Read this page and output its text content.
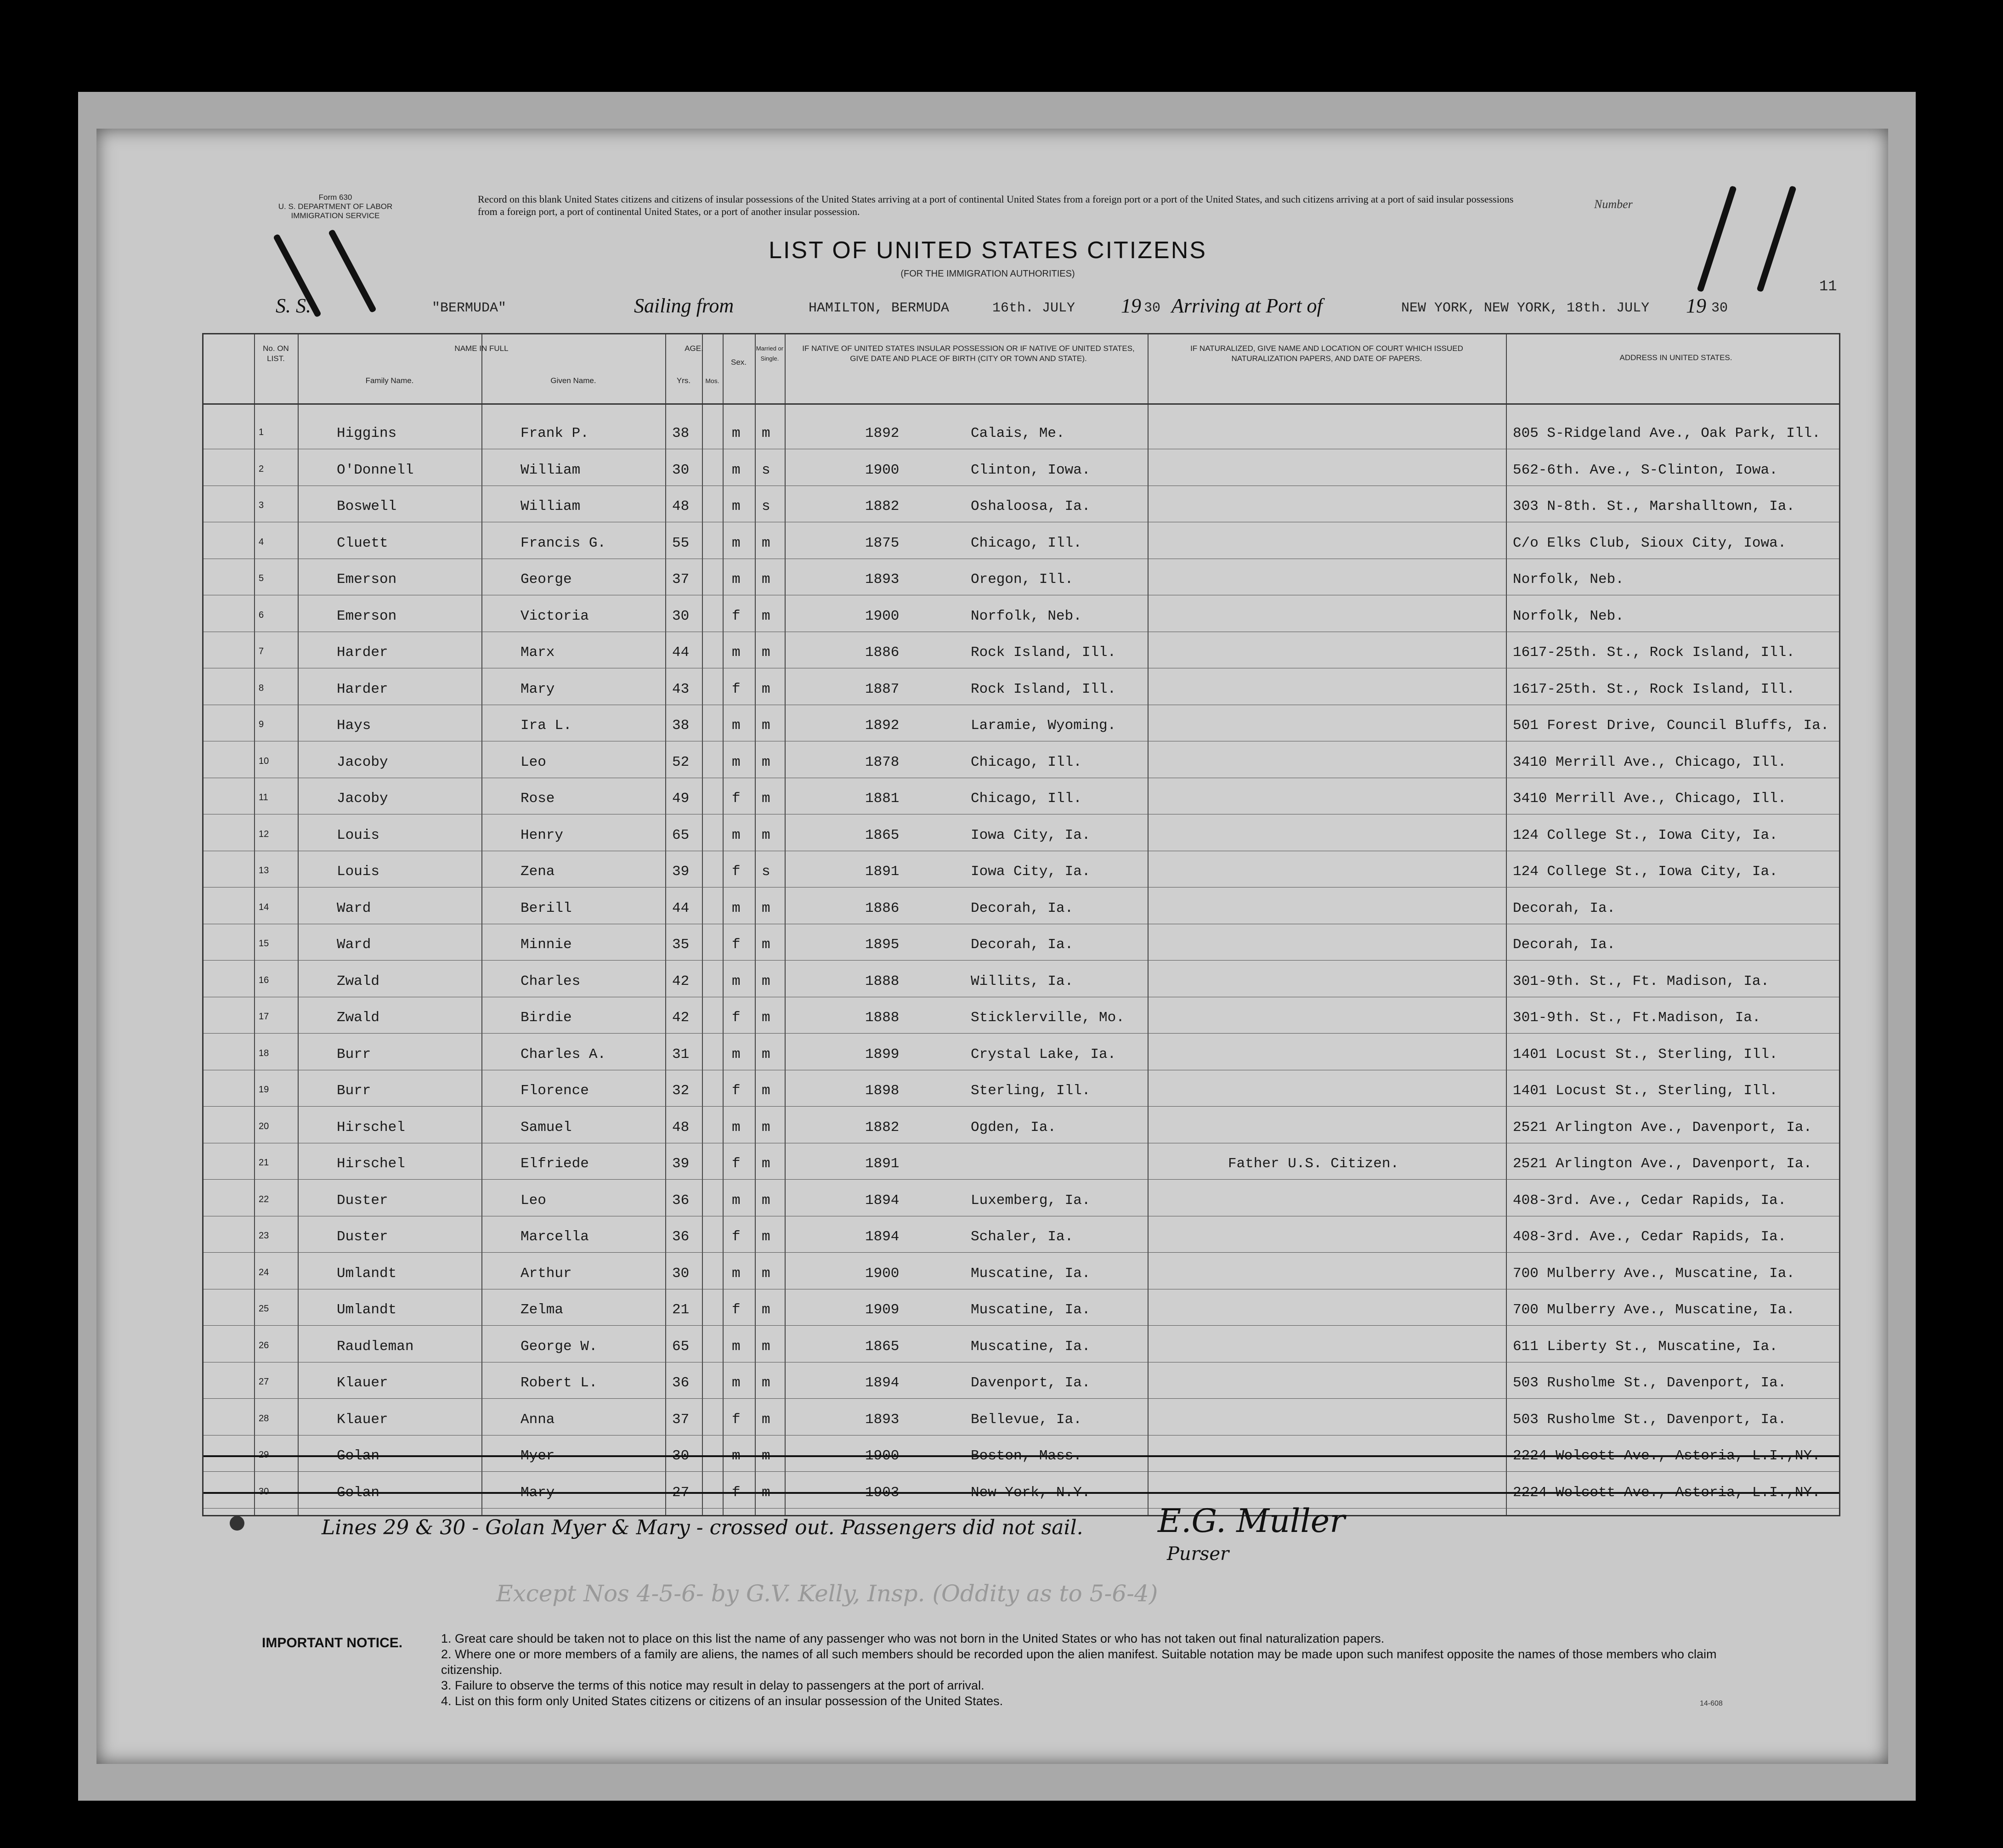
Form 630
U. S. DEPARTMENT OF LABOR
IMMIGRATION SERVICE
Record on this blank United States citizens and citizens of insular possessions of the United States arriving at a port of continental United States from a foreign port or a port of the United States, and such citizens arriving at a port of said insular possessions from a foreign port, a port of continental United States, or a port of another insular possession.
Number
LIST OF UNITED STATES CITIZENS
(FOR THE IMMIGRATION AUTHORITIES)
11
S. S.	"BERMUDA"	Sailing from	HAMILTON, BERMUDA	16th. JULY 19 30 Arriving at Port of	NEW YORK, NEW YORK, 18th. JULY 19 30
No. ON LIST.
NAME IN FULL
Family Name.	Given Name.
AGE.
Yrs.	Mos.
Sex.
Married or Single.
IF NATIVE OF UNITED STATES INSULAR POSSESSION OR IF NATIVE OF UNITED STATES, GIVE DATE AND PLACE OF BIRTH (CITY OR TOWN AND STATE).
IF NATURALIZED, GIVE NAME AND LOCATION OF COURT WHICH ISSUED NATURALIZATION PAPERS, AND DATE OF PAPERS.	ADDRESS IN UNITED STATES.
1	Higgins	Frank P.	38	m m	1892	Calais, Me.	805 S-Ridgeland Ave., Oak Park, Ill.
2	O'Donnell	William	30	m s	1900	Clinton, Iowa.	562-6th. Ave., S-Clinton, Iowa.
3	Boswell	William	48	m s	1882	Oshaloosa, Ia.	303 N-8th. St., Marshalltown, Ia.
4	Cluett	Francis G.	55	m m	1875	Chicago, Ill.	C/o Elks Club, Sioux City, Iowa.
5	Emerson	George	37	m m	1893	Oregon, Ill.	Norfolk, Neb.
6	Emerson	Victoria	30	f m	1900	Norfolk, Neb.	Norfolk, Neb.
7	Harder	Marx	44	m m	1886	Rock Island, Ill.	1617-25th. St., Rock Island, Ill.
8	Harder	Mary	43	f m	1887	Rock Island, Ill.	1617-25th. St., Rock Island, Ill.
9	Hays	Ira L.	38	m m	1892	Laramie, Wyoming.	501 Forest Drive, Council Bluffs, Ia.
10	Jacoby	Leo	52	m m	1878	Chicago, Ill.	3410 Merrill Ave., Chicago, Ill.
11	Jacoby	Rose	49	f m	1881	Chicago, Ill.	3410 Merrill Ave., Chicago, Ill.
12	Louis	Henry	65	m m	1865	Iowa City, Ia.	124 College St., Iowa City, Ia.
13	Louis	Zena	39	f s	1891	Iowa City, Ia.	124 College St., Iowa City, Ia.
14	Ward	Berill	44	m m	1886	Decorah, Ia.	Decorah, Ia.
15	Ward	Minnie	35	f m	1895	Decorah, Ia.	Decorah, Ia.
16	Zwald	Charles	42	m m	1888	Willits, Ia.	301-9th. St., Ft. Madison, Ia.
17	Zwald	Birdie	42	f m	1888	Sticklerville, Mo.	301-9th. St., Ft.Madison, Ia.
18	Burr	Charles A.	31	m m	1899	Crystal Lake, Ia.	1401 Locust St., Sterling, Ill.
19	Burr	Florence	32	f m	1898	Sterling, Ill.	1401 Locust St., Sterling, Ill.
20	Hirschel	Samuel	48	m m	1882	Ogden, Ia.	2521 Arlington Ave., Davenport, Ia.
21	Hirschel	Elfriede	39	f m	1891	Father U.S. Citizen.	2521 Arlington Ave., Davenport, Ia.
22	Duster	Leo	36	m m	1894	Luxemberg, Ia.	408-3rd. Ave., Cedar Rapids, Ia.
23	Duster	Marcella	36	f m	1894	Schaler, Ia.	408-3rd. Ave., Cedar Rapids, Ia.
24	Umlandt	Arthur	30	m m	1900	Muscatine, Ia.	700 Mulberry Ave., Muscatine, Ia.
25	Umlandt	Zelma	21	f m	1909	Muscatine, Ia.	700 Mulberry Ave., Muscatine, Ia.
26	Raudleman	George W.	65	m m	1865	Muscatine, Ia.	611 Liberty St., Muscatine, Ia.
27	Klauer	Robert L.	36	m m	1894	Davenport, Ia.	503 Rusholme St., Davenport, Ia.
28	Klauer	Anna	37	f m	1893	Bellevue, Ia.	503 Rusholme St., Davenport, Ia.
29	Golan	Myer	30	m m	1900	Boston, Mass.	2224 Wolcott Ave., Astoria, L.I.,NY.
30	Golan	Mary	27	f m	1903	New York, N.Y.	2224 Wolcott Ave., Astoria, L.I.,NY.
Lines 29 & 30 - Golan Myer & Mary - crossed out. Passengers did not sail. E.G. Muller
Purser
Except Nos 4-5-6- by G.V. Kelly, Insp. (Oddity as to 5-6-4)
IMPORTANT NOTICE.	1. Great care should be taken not to place on this list the name of any passenger who was not born in the United States or who has not taken out final naturalization papers.
2. Where one or more members of a family are aliens, the names of all such members should be recorded upon the alien manifest. Suitable notation may be made upon such manifest opposite the names of those members who claim citizenship.
3. Failure to observe the terms of this notice may result in delay to passengers at the port of arrival.
4. List on this form only United States citizens or citizens of an insular possession of the United States.	14-608
